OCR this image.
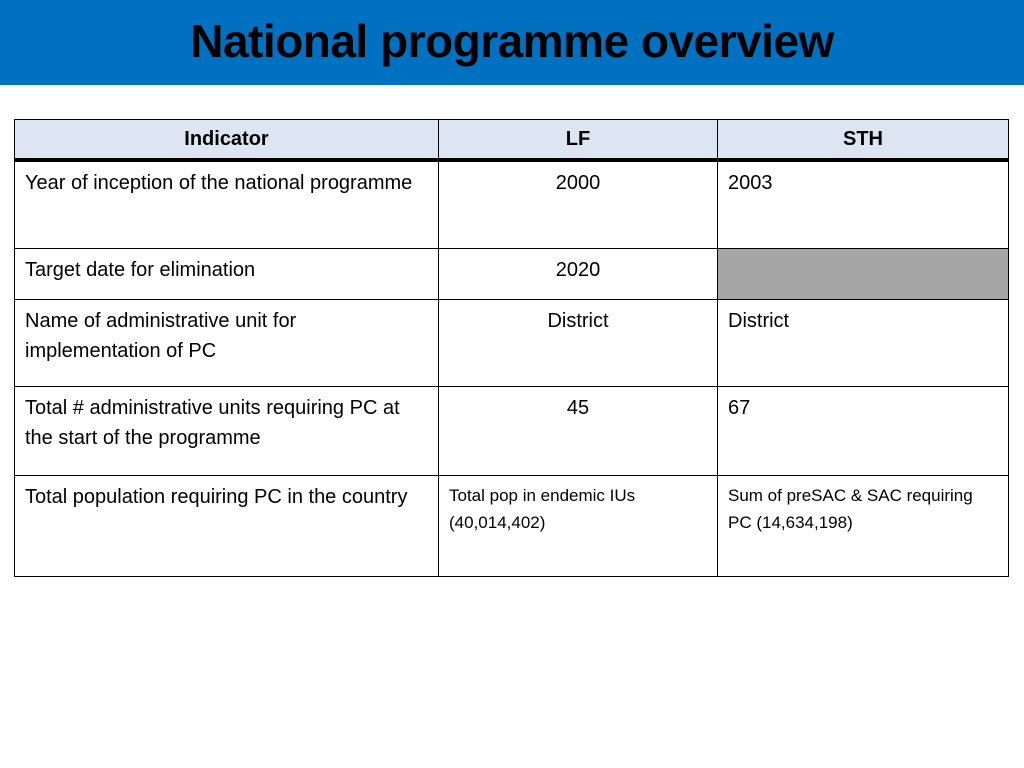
National programme overview
Indicator	LF	STH
Year of inception of the national programme	2000	2003
Target date for elimination	2020	
Name of administrative unit for implementation of PC	District	District
Total # administrative units requiring PC at the start of the programme	45	67
Total population requiring PC in the country	Total pop in endemic IUs (40,014,402)	Sum of preSAC & SAC requiring PC (14,634,198)
